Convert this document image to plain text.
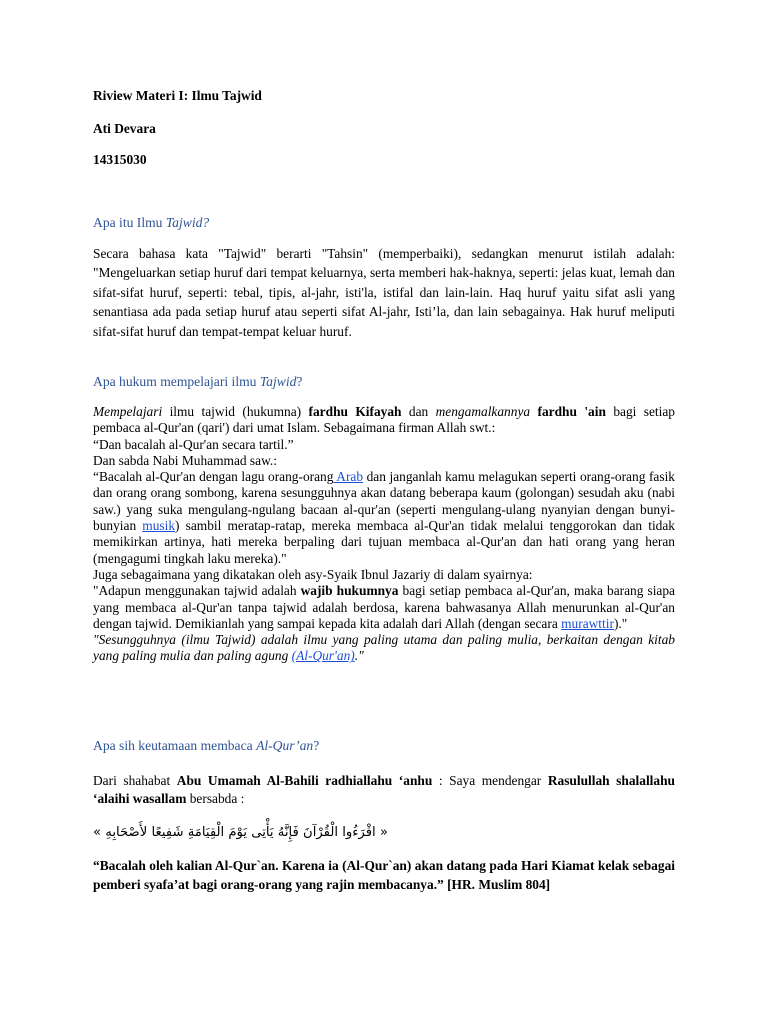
Riview Materi I: Ilmu Tajwid

Ati Devara

14315030

Apa itu Ilmu Tajwid?

Secara bahasa kata "Tajwid" berarti "Tahsin" (memperbaiki), sedangkan menurut istilah adalah: "Mengeluarkan setiap huruf dari tempat keluarnya, serta memberi hak-haknya, seperti: jelas kuat, lemah dan sifat-sifat huruf, seperti: tebal, tipis, al-jahr, isti'la, istifal dan lain-lain. Haq huruf yaitu sifat asli yang senantiasa ada pada setiap huruf atau seperti sifat Al-jahr, Isti’la, dan lain sebagainya. Hak huruf meliputi sifat-sifat huruf dan tempat-tempat keluar huruf.

Apa hukum mempelajari ilmu Tajwid?

Mempelajari ilmu tajwid (hukumna) fardhu Kifayah dan mengamalkannya fardhu 'ain bagi setiap pembaca al-Qur'an (qari') dari umat Islam. Sebagaimana firman Allah swt.:

“Dan bacalah al-Qur'an secara tartil.”

Dan sabda Nabi Muhammad saw.:

“Bacalah al-Qur'an dengan lagu orang-orang Arab dan janganlah kamu melagukan seperti orang-orang fasik dan orang orang sombong, karena sesungguhnya akan datang beberapa kaum (golongan) sesudah aku (nabi saw.) yang suka mengulang-ngulang bacaan al-qur'an (seperti mengulang-ulang nyanyian dengan bunyi-bunyian musik) sambil meratap-ratap, mereka membaca al-Qur'an tidak melalui tenggorokan dan tidak memikirkan artinya, hati mereka berpaling dari tujuan membaca al-Qur'an dan hati orang yang heran (mengagumi tingkah laku mereka)."

Juga sebagaimana yang dikatakan oleh asy-Syaik Ibnul Jazariy di dalam syairnya:

"Adapun menggunakan tajwid adalah wajib hukumnya bagi setiap pembaca al-Qur'an, maka barang siapa yang membaca al-Qur'an tanpa tajwid adalah berdosa, karena bahwasanya Allah menurunkan al-Qur'an dengan tajwid. Demikianlah yang sampai kepada kita adalah dari Allah (dengan secara murawttir)."

"Sesungguhnya (ilmu Tajwid) adalah ilmu yang paling utama dan paling mulia, berkaitan dengan kitab yang paling mulia dan paling agung (Al-Qur'an)."

Apa sih keutamaan membaca Al-Qur’an?

Dari shahabat Abu Umamah Al-Bahili radhiallahu ‘anhu : Saya mendengar Rasulullah shalallahu ‘alaihi wasallam bersabda :

« اقْرَءُوا الْقُرْآنَ فَإِنَّهُ يَأْتِى يَوْمَ الْقِيَامَةِ شَفِيعًا لأَصْحَابِهِ »

“Bacalah oleh kalian Al-Qur`an. Karena ia (Al-Qur`an) akan datang pada Hari Kiamat kelak sebagai pemberi syafa’at bagi orang-orang yang rajin membacanya.” [HR. Muslim 804]
